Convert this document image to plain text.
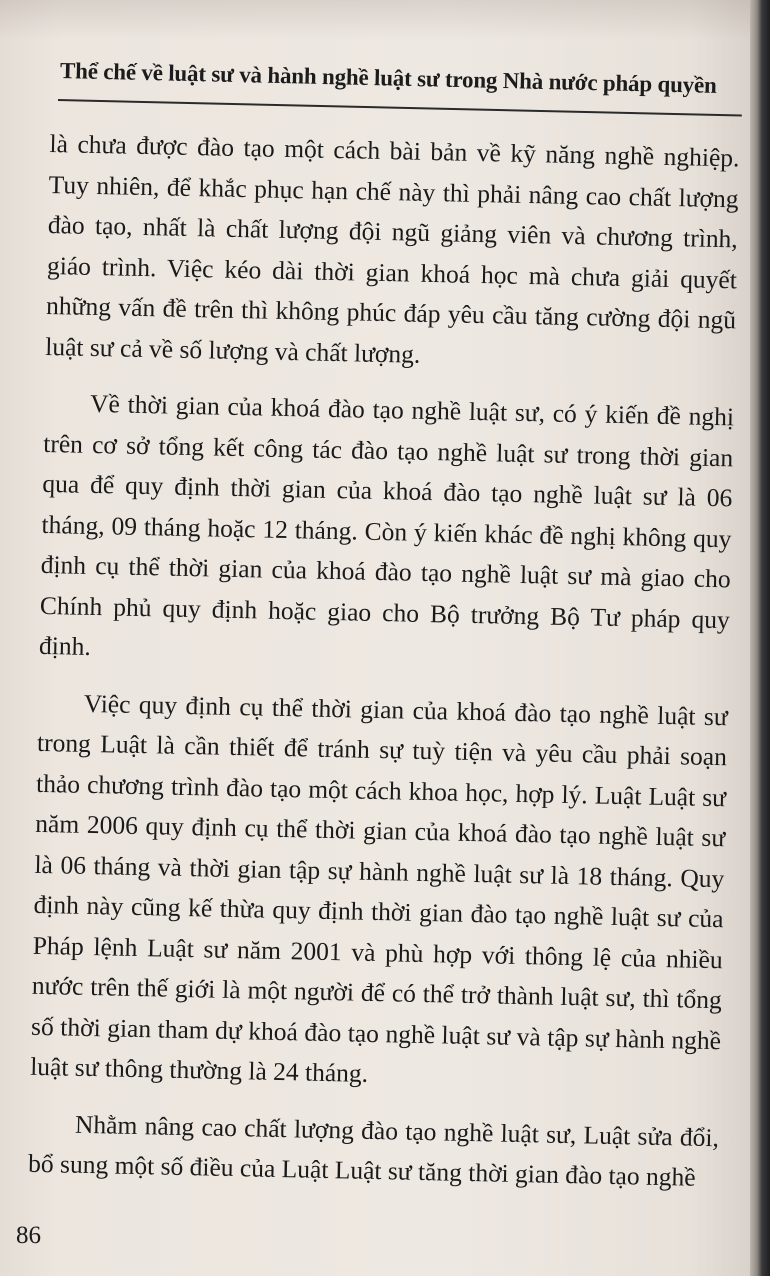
Thể chế về luật sư và hành nghề luật sư trong Nhà nước pháp quyền

là chưa được đào tạo một cách bài bản về kỹ năng nghề nghiệp. Tuy nhiên, để khắc phục hạn chế này thì phải nâng cao chất lượng đào tạo, nhất là chất lượng đội ngũ giảng viên và chương trình, giáo trình. Việc kéo dài thời gian khoá học mà chưa giải quyết những vấn đề trên thì không phúc đáp yêu cầu tăng cường đội ngũ luật sư cả về số lượng và chất lượng.

Về thời gian của khoá đào tạo nghề luật sư, có ý kiến đề nghị trên cơ sở tổng kết công tác đào tạo nghề luật sư trong thời gian qua để quy định thời gian của khoá đào tạo nghề luật sư là 06 tháng, 09 tháng hoặc 12 tháng. Còn ý kiến khác đề nghị không quy định cụ thể thời gian của khoá đào tạo nghề luật sư mà giao cho Chính phủ quy định hoặc giao cho Bộ trưởng Bộ Tư pháp quy định.

Việc quy định cụ thể thời gian của khoá đào tạo nghề luật sư trong Luật là cần thiết để tránh sự tuỳ tiện và yêu cầu phải soạn thảo chương trình đào tạo một cách khoa học, hợp lý. Luật Luật sư năm 2006 quy định cụ thể thời gian của khoá đào tạo nghề luật sư là 06 tháng và thời gian tập sự hành nghề luật sư là 18 tháng. Quy định này cũng kế thừa quy định thời gian đào tạo nghề luật sư của Pháp lệnh Luật sư năm 2001 và phù hợp với thông lệ của nhiều nước trên thế giới là một người để có thể trở thành luật sư, thì tổng số thời gian tham dự khoá đào tạo nghề luật sư và tập sự hành nghề luật sư thông thường là 24 tháng.

Nhằm nâng cao chất lượng đào tạo nghề luật sư, Luật sửa đổi, bổ sung một số điều của Luật Luật sư tăng thời gian đào tạo nghề

86
